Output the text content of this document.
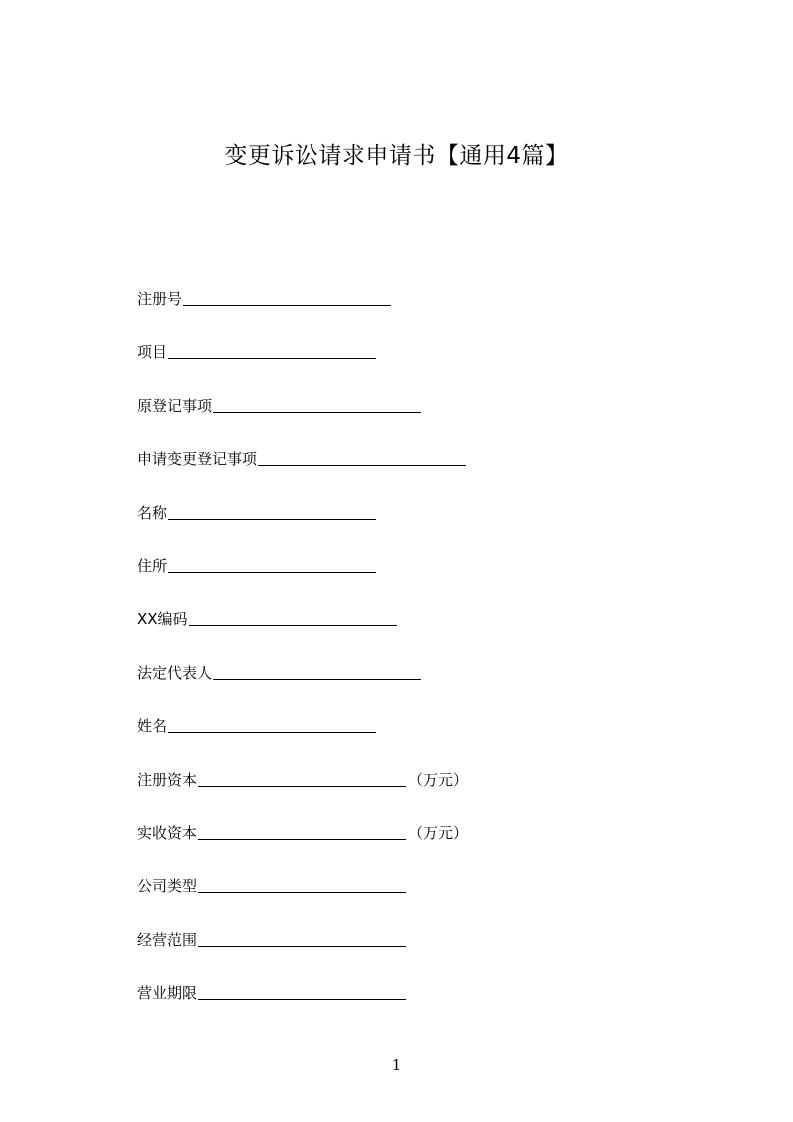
变更诉讼请求申请书【通用4篇】
注册号
项目
原登记事项
申请变更登记事项
名称
住所
XX编码
法定代表人
姓名
注册资本	（万元）
实收资本	（万元）
公司类型
经营范围
营业期限
1
